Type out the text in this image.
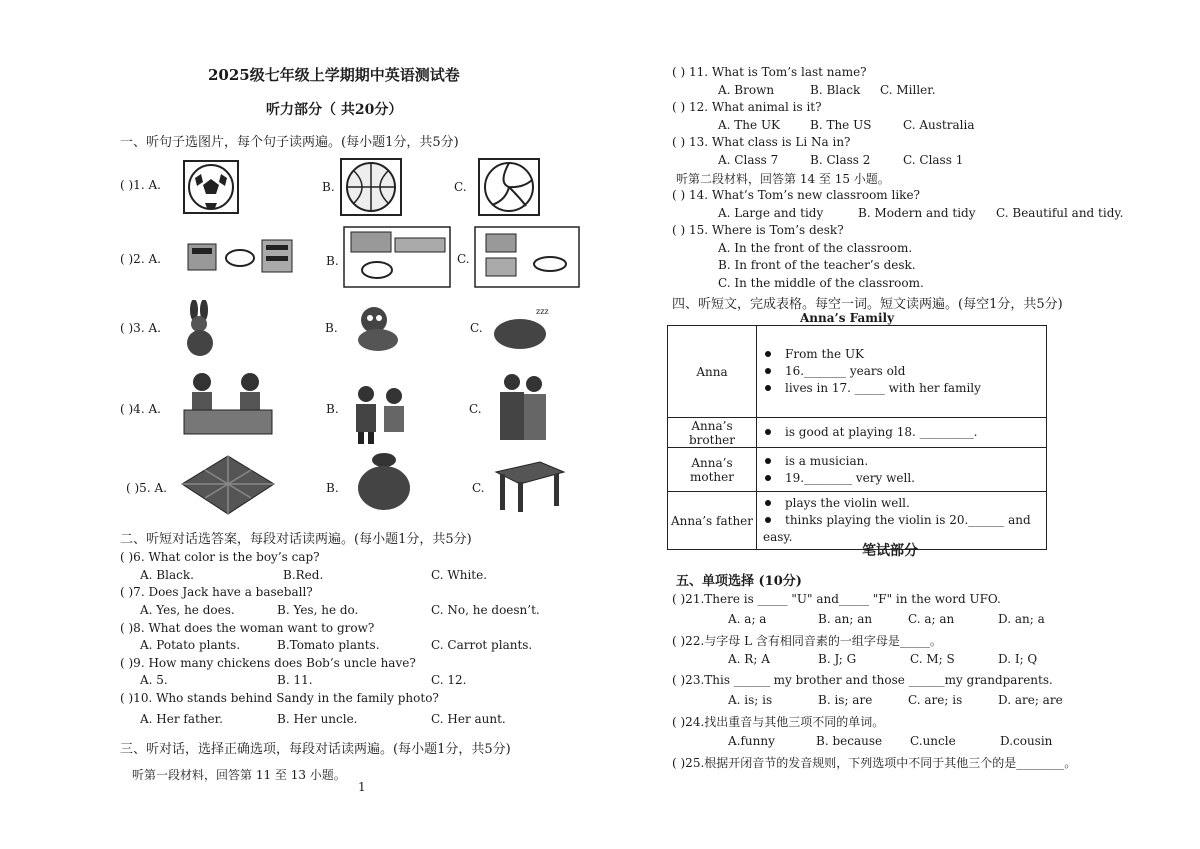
2025级七年级上学期期中英语测试卷
听力部分（ 共20分）
一、听句子选图片，每个句子读两遍。(每小题1分，共5分)
( )1. A.	B.	C.
( )2. A.	B.	C.
( )3. A.	B.	C.
zzz
( )4. A.	B.	C.
( )5. A.	B.	C.
二、听短对话选答案，每段对话读两遍。(每小题1分，共5分)
( )6. What color is the boy’s cap?
A. Black.	B.Red.	C. White.
( )7. Does Jack have a baseball?
A. Yes, he does.	B. Yes, he do.	C. No, he doesn’t.
( )8. What does the woman want to grow?
A. Potato plants.	B.Tomato plants.	C. Carrot plants.
( )9. How many chickens does Bob’s uncle have?
A. 5.	B. 11.	C. 12.
( )10. Who stands behind Sandy in the family photo?
A. Her father.	B. Her uncle.	C. Her aunt.
三、听对话，选择正确选项，每段对话读两遍。(每小题1分，共5分)
听第一段材料，回答第 11 至 13 小题。
1
( ) 11. What is Tom’s last name?
A. Brown	B. Black C. Miller.
( ) 12. What animal is it?
A. The UK B. The US	C. Australia
( ) 13. What class is Li Na in?
A. Class 7	B. Class 2	C. Class 1
听第二段材料，回答第 14 至 15 小题。
( ) 14. What’s Tom’s new classroom like?
A. Large and tidy	B. Modern and tidy C. Beautiful and tidy.
( ) 15. Where is Tom’s desk?
A. In the front of the classroom.
B. In front of the teacher’s desk.
C. In the middle of the classroom.
四、听短文，完成表格。每空一词。短文读两遍。(每空1分，共5分)
Anna’s Family
Anna	From the UK
16._______ years old
lives in 17. _____ with her family

Anna’s brother	is good at playing 18. _________.

Anna’s mother	is a musician.
19.________ very well.

Anna’s father	plays the violin well.
thinks playing the violin is 20.______ and easy.
笔试部分
五、单项选择 (10分)
( )21.There is _____ "U" and_____ "F" in the word UFO.
A. a; a	B. an; an	C. a; an	D. an; a
( )22.与字母 L 含有相同音素的一组字母是_____。
A. R; A	B. J; G	C. M; S	D. I; Q
( )23.This ______ my brother and those ______my grandparents.
A. is; is	B. is; are	C. are; is	D. are; are
( )24.找出重音与其他三项不同的单词。
A.funny	B. because C.uncle	D.cousin
( )25.根据开闭音节的发音规则，下列选项中不同于其他三个的是________。
